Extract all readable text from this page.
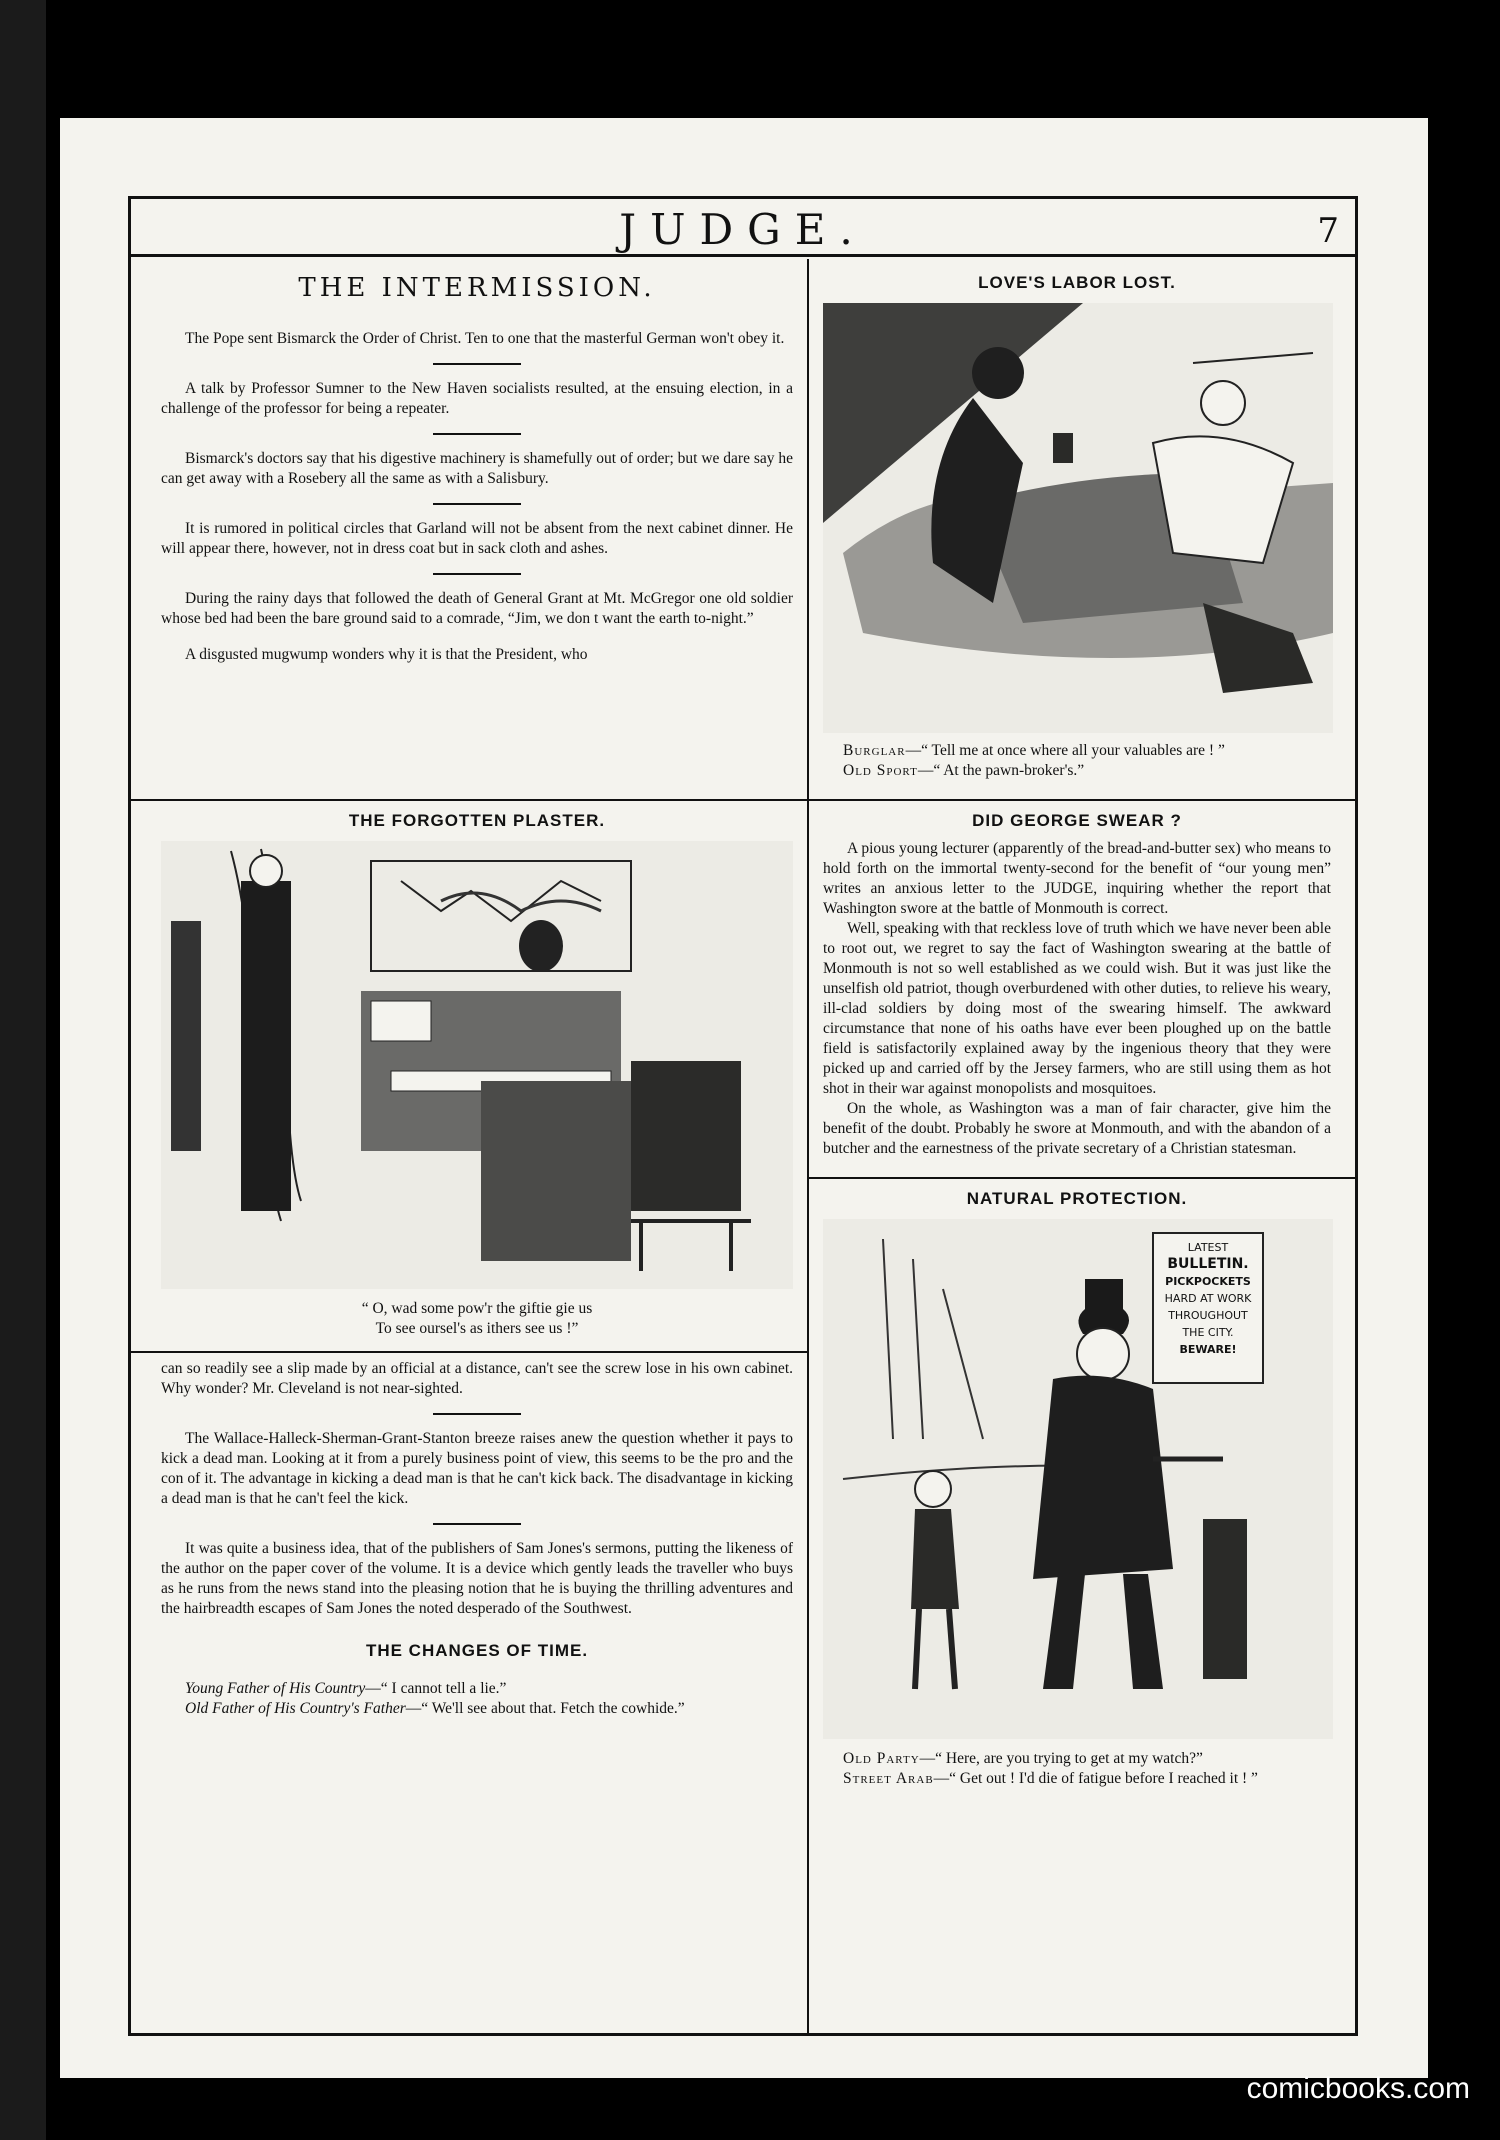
JUDGE.	7
THE INTERMISSION.

The Pope sent Bismarck the Order of Christ. Ten to one that the masterful German won't obey it.

A talk by Professor Sumner to the New Haven socialists resulted, at the ensuing election, in a challenge of the professor for being a repeater.

Bismarck's doctors say that his digestive machinery is shamefully out of order; but we dare say he can get away with a Rosebery all the same as with a Salisbury.

It is rumored in political circles that Garland will not be absent from the next cabinet dinner. He will appear there, however, not in dress coat but in sack cloth and ashes.

During the rainy days that followed the death of General Grant at Mt. McGregor one old soldier whose bed had been the bare ground said to a comrade, “Jim, we don t want the earth to-night.”

A disgusted mugwump wonders why it is that the President, who

THE FORGOTTEN PLASTER.
“ O, wad some pow'r the giftie gie us
To see oursel's as ithers see us !”

can so readily see a slip made by an official at a distance, can't see the screw lose in his own cabinet. Why wonder? Mr. Cleveland is not near-sighted.

The Wallace-Halleck-Sherman-Grant-Stanton breeze raises anew the question whether it pays to kick a dead man. Looking at it from a purely business point of view, this seems to be the pro and the con of it. The advantage in kicking a dead man is that he can't kick back. The disadvantage in kicking a dead man is that he can't feel the kick.

It was quite a business idea, that of the publishers of Sam Jones's sermons, putting the likeness of the author on the paper cover of the volume. It is a device which gently leads the traveller who buys as he runs from the news stand into the pleasing notion that he is buying the thrilling adventures and the hairbreadth escapes of Sam Jones the noted desperado of the Southwest.

THE CHANGES OF TIME.

Young Father of His Country—“ I cannot tell a lie.”

Old Father of His Country's Father—“ We'll see about that. Fetch the cowhide.”

LOVE'S LABOR LOST.
Burglar—“ Tell me at once where all your valuables are ! ”
Old Sport—“ At the pawn-broker's.”
DID GEORGE SWEAR ?

A pious young lecturer (apparently of the bread-and-butter sex) who means to hold forth on the immortal twenty-second for the benefit of “our young men” writes an anxious letter to the JUDGE, inquiring whether the report that Washington swore at the battle of Monmouth is correct.

Well, speaking with that reckless love of truth which we have never been able to root out, we regret to say the fact of Washington swearing at the battle of Monmouth is not so well established as we could wish. But it was just like the unselfish old patriot, though overburdened with other duties, to relieve his weary, ill-clad soldiers by doing most of the swearing himself. The awkward circumstance that none of his oaths have ever been ploughed up on the battle field is satisfactorily explained away by the ingenious theory that they were picked up and carried off by the Jersey farmers, who are still using them as hot shot in their war against monopolists and mosquitoes.

On the whole, as Washington was a man of fair character, give him the benefit of the doubt. Probably he swore at Monmouth, and with the abandon of a butcher and the earnestness of the private secretary of a Christian statesman.

NATURAL PROTECTION.
LATEST
BULLETIN.
PICKPOCKETS
HARD AT WORK
THROUGHOUT
THE CITY.
BEWARE!
Old Party—“ Here, are you trying to get at my watch?”
Street Arab—“ Get out ! I'd die of fatigue before I reached it ! ”
comicbooks.com
